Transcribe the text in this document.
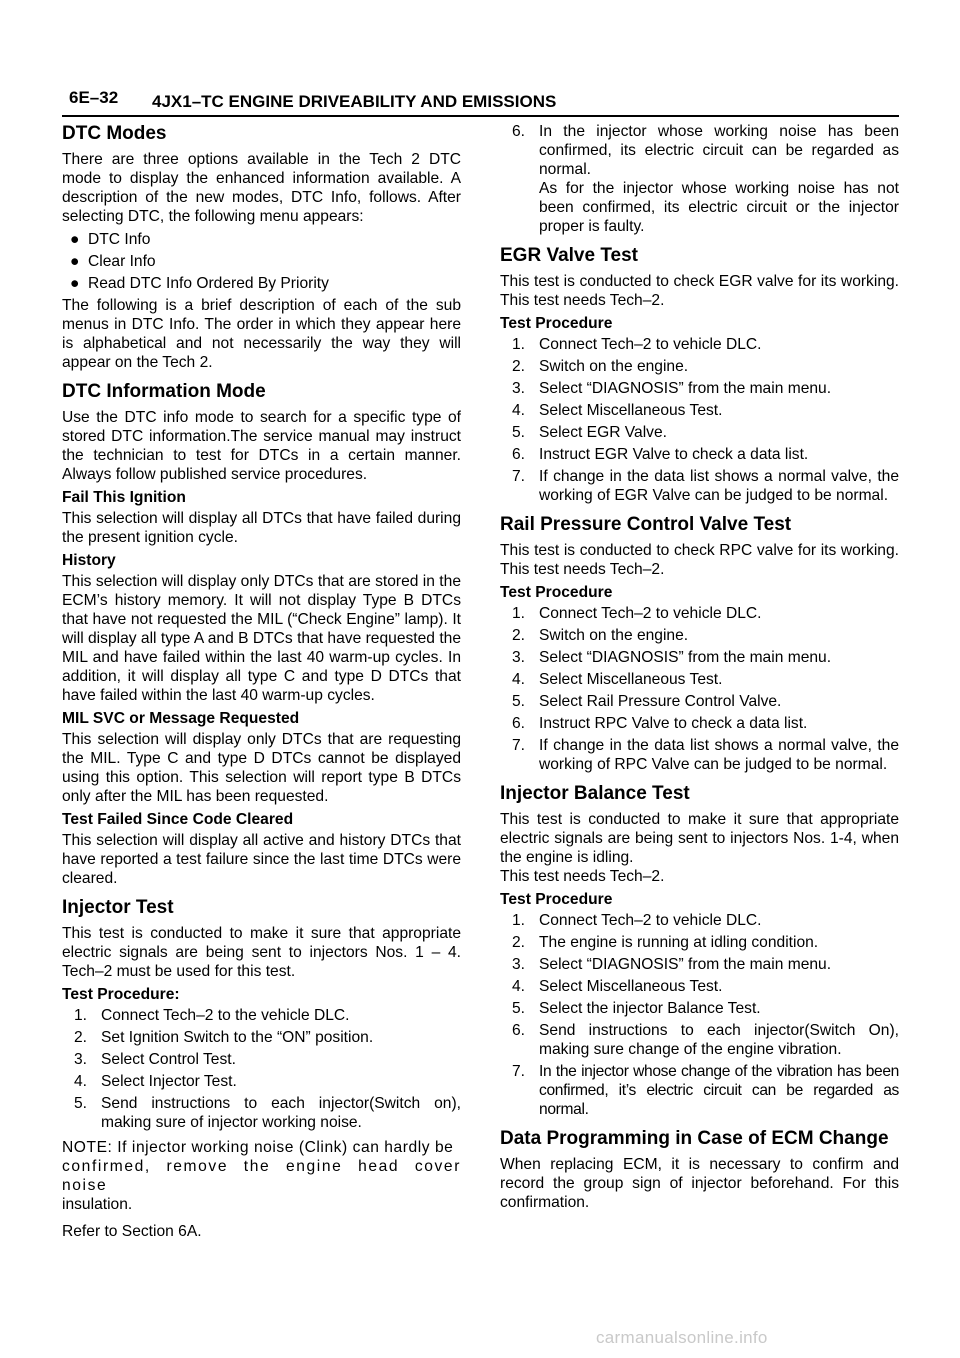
6E–32 4JX1–TC ENGINE DRIVEABILITY AND EMISSIONS
DTC Modes
There are three options available in the Tech 2 DTC mode to display the enhanced information available. A description of the new modes, DTC Info, follows. After selecting DTC, the following menu appears:
● DTC Info
● Clear Info
● Read DTC Info Ordered By Priority
The following is a brief description of each of the sub menus in DTC Info. The order in which they appear here is alphabetical and not necessarily the way they will appear on the Tech 2.
DTC Information Mode
Use the DTC info mode to search for a specific type of stored DTC information.The service manual may instruct the technician to test for DTCs in a certain manner. Always follow published service procedures.
Fail This Ignition
This selection will display all DTCs that have failed during the present ignition cycle.
History
This selection will display only DTCs that are stored in the ECM’s history memory. It will not display Type B DTCs that have not requested the MIL (“Check Engine” lamp). It will display all type A and B DTCs that have requested the MIL and have failed within the last 40 warm-up cycles. In addition, it will display all type C and type D DTCs that have failed within the last 40 warm-up cycles.
MIL SVC or Message Requested
This selection will display only DTCs that are requesting the MIL. Type C and type D DTCs cannot be displayed using this option. This selection will report type B DTCs only after the MIL has been requested.
Test Failed Since Code Cleared
This selection will display all active and history DTCs that have reported a test failure since the last time DTCs were cleared.
Injector Test
This test is conducted to make it sure that appropriate electric signals are being sent to injectors Nos. 1 – 4. Tech–2 must be used for this test.
Test Procedure:
1. Connect Tech–2 to the vehicle DLC.
2. Set Ignition Switch to the “ON” position.
3. Select Control Test.
4. Select Injector Test.
5. Send instructions to each injector(Switch on), making sure of injector working noise.
NOTE: If injector working noise (Clink) can hardly be
confirmed, remove the engine head cover noise
insulation.
Refer to Section 6A.
6. In the injector whose working noise has been confirmed, its electric circuit can be regarded as normal.
As for the injector whose working noise has not been confirmed, its electric circuit or the injector proper is faulty.
EGR Valve Test
This test is conducted to check EGR valve for its working. This test needs Tech–2.
Test Procedure
1. Connect Tech–2 to vehicle DLC.
2. Switch on the engine.
3. Select “DIAGNOSIS” from the main menu.
4. Select Miscellaneous Test.
5. Select EGR Valve.
6. Instruct EGR Valve to check a data list.
7. If change in the data list shows a normal valve, the working of EGR Valve can be judged to be normal.
Rail Pressure Control Valve Test
This test is conducted to check RPC valve for its working. This test needs Tech–2.
Test Procedure
1. Connect Tech–2 to vehicle DLC.
2. Switch on the engine.
3. Select “DIAGNOSIS” from the main menu.
4. Select Miscellaneous Test.
5. Select Rail Pressure Control Valve.
6. Instruct RPC Valve to check a data list.
7. If change in the data list shows a normal valve, the working of RPC Valve can be judged to be normal.
Injector Balance Test
This test is conducted to make it sure that appropriate electric signals are being sent to injectors Nos. 1-4, when the engine is idling.
This test needs Tech–2.
Test Procedure
1. Connect Tech–2 to vehicle DLC.
2. The engine is running at idling condition.
3. Select “DIAGNOSIS” from the main menu.
4. Select Miscellaneous Test.
5. Select the injector Balance Test.
6. Send instructions to each injector(Switch On), making sure change of the engine vibration.
7. In the injector whose change of the vibration has been confirmed, it’s electric circuit can be regarded as normal.
Data Programming in Case of ECM Change
When replacing ECM, it is necessary to confirm and record the group sign of injector beforehand. For this confirmation.
carmanualsonline.info
